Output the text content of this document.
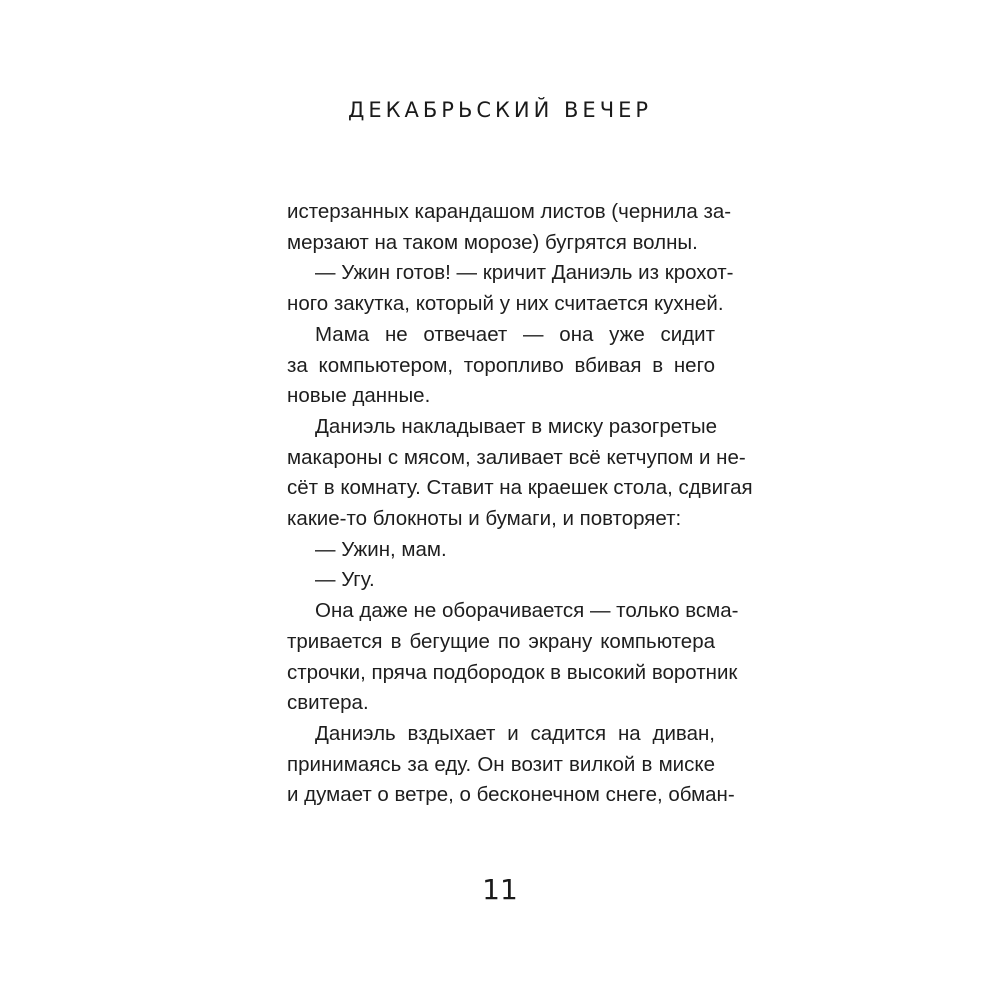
ДЕКАБРЬСКИЙ ВЕЧЕР

истерзанных карандашом листов (чернила за-
мерзают на таком морозе) бугрятся волны.

— Ужин готов! — кричит Даниэль из крохот-
ного закутка, который у них считается кухней.

Мама не отвечает — она уже сидит
за компьютером, торопливо вбивая в него
новые данные.

Даниэль накладывает в миску разогретые
макароны с мясом, заливает всё кетчупом и не-
сёт в комнату. Ставит на краешек стола, сдвигая
какие-то блокноты и бумаги, и повторяет:

— Ужин, мам.

— Угу.

Она даже не оборачивается — только всма-
тривается в бегущие по экрану компьютера
строчки, пряча подбородок в высокий воротник
свитера.

Даниэль вздыхает и садится на диван,
принимаясь за еду. Он возит вилкой в миске
и думает о ветре, о бесконечном снеге, обман-

11
